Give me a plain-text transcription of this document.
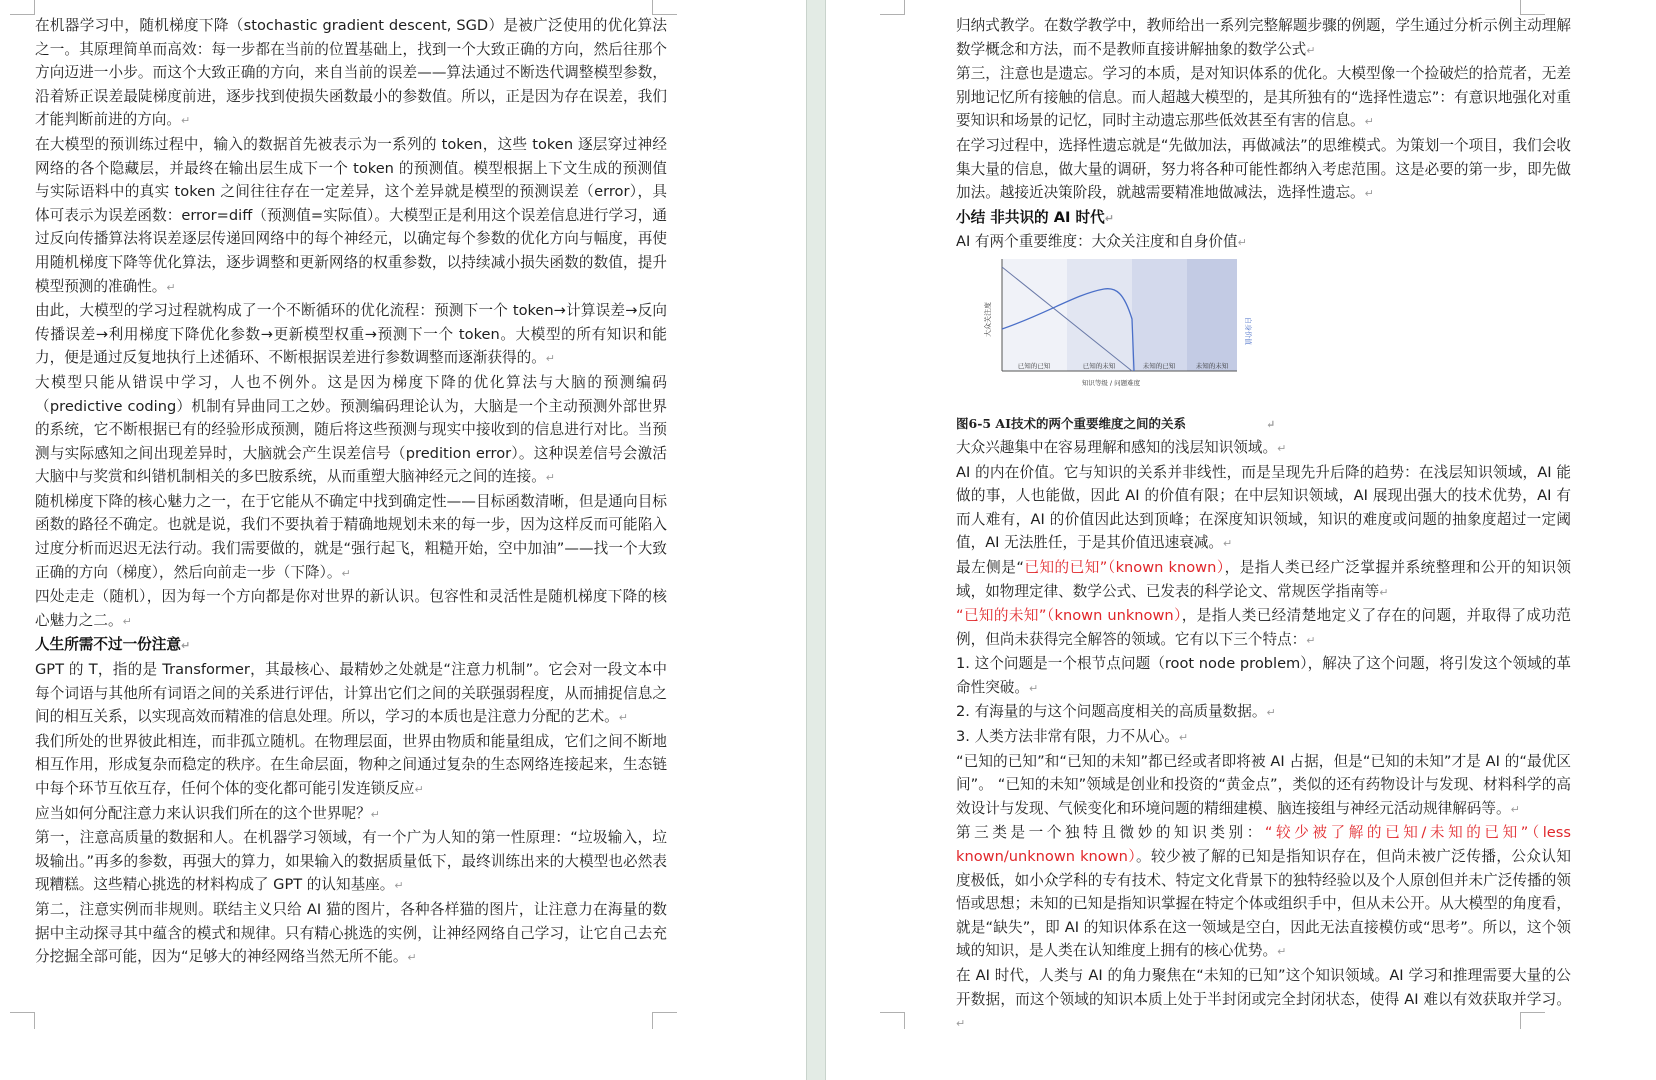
在机器学习中，随机梯度下降（stochastic gradient descent, SGD）是被广泛使用的优化算法之一。其原理简单而高效：每一步都在当前的位置基础上，找到一个大致正确的方向，然后往那个方向迈进一小步。而这个大致正确的方向，来自当前的误差——算法通过不断迭代调整模型参数，沿着矫正误差最陡梯度前进，逐步找到使损失函数最小的参数值。所以，正是因为存在误差，我们才能判断前进的方向。↵

在大模型的预训练过程中，输入的数据首先被表示为一系列的 token，这些 token 逐层穿过神经网络的各个隐藏层，并最终在输出层生成下一个 token 的预测值。模型根据上下文生成的预测值与实际语料中的真实 token 之间往往存在一定差异，这个差异就是模型的预测误差（error），具体可表示为误差函数：error=diff（预测值=实际值）。大模型正是利用这个误差信息进行学习，通过反向传播算法将误差逐层传递回网络中的每个神经元，以确定每个参数的优化方向与幅度，再使用随机梯度下降等优化算法，逐步调整和更新网络的权重参数，以持续减小损失函数的数值，提升模型预测的准确性。↵

由此，大模型的学习过程就构成了一个不断循环的优化流程：预测下一个 token→计算误差→反向传播误差→利用梯度下降优化参数→更新模型权重→预测下一个 token。大模型的所有知识和能力，便是通过反复地执行上述循环、不断根据误差进行参数调整而逐渐获得的。↵

大模型只能从错误中学习，人也不例外。这是因为梯度下降的优化算法与大脑的预测编码（predictive coding）机制有异曲同工之妙。预测编码理论认为，大脑是一个主动预测外部世界的系统，它不断根据已有的经验形成预测，随后将这些预测与现实中接收到的信息进行对比。当预测与实际感知之间出现差异时，大脑就会产生误差信号（predition error）。这种误差信号会激活大脑中与奖赏和纠错机制相关的多巴胺系统，从而重塑大脑神经元之间的连接。↵

随机梯度下降的核心魅力之一，在于它能从不确定中找到确定性——目标函数清晰，但是通向目标函数的路径不确定。也就是说，我们不要执着于精确地规划未来的每一步，因为这样反而可能陷入过度分析而迟迟无法行动。我们需要做的，就是“强行起飞，粗糙开始，空中加油”——找一个大致正确的方向（梯度），然后向前走一步（下降）。↵

四处走走（随机），因为每一个方向都是你对世界的新认识。包容性和灵活性是随机梯度下降的核心魅力之二。↵

人生所需不过一份注意↵

GPT 的 T，指的是 Transformer，其最核心、最精妙之处就是“注意力机制”。它会对一段文本中每个词语与其他所有词语之间的关系进行评估，计算出它们之间的关联强弱程度，从而捕捉信息之间的相互关系，以实现高效而精准的信息处理。所以，学习的本质也是注意力分配的艺术。↵

我们所处的世界彼此相连，而非孤立随机。在物理层面，世界由物质和能量组成，它们之间不断地相互作用，形成复杂而稳定的秩序。在生命层面，物种之间通过复杂的生态网络连接起来，生态链中每个环节互依互存，任何个体的变化都可能引发连锁反应↵

应当如何分配注意力来认识我们所在的这个世界呢？↵

第一，注意高质量的数据和人。在机器学习领域，有一个广为人知的第一性原理：“垃圾输入，垃圾输出。”再多的参数，再强大的算力，如果输入的数据质量低下，最终训练出来的大模型也必然表现糟糕。这些精心挑选的材料构成了 GPT 的认知基座。↵

第二，注意实例而非规则。联结主义只给 AI 猫的图片，各种各样猫的图片，让注意力在海量的数据中主动探寻其中蕴含的模式和规律。只有精心挑选的实例，让神经网络自己学习，让它自己去充分挖掘全部可能，因为“足够大的神经网络当然无所不能。↵

归纳式教学。在数学教学中，教师给出一系列完整解题步骤的例题，学生通过分析示例主动理解数学概念和方法，而不是教师直接讲解抽象的数学公式↵

第三，注意也是遗忘。学习的本质，是对知识体系的优化。大模型像一个捡破烂的拾荒者，无差别地记忆所有接触的信息。而人超越大模型的，是其所独有的“选择性遗忘”：有意识地强化对重要知识和场景的记忆，同时主动遗忘那些低效甚至有害的信息。↵

在学习过程中，选择性遗忘就是“先做加法，再做减法”的思维模式。为策划一个项目，我们会收集大量的信息，做大量的调研，努力将各种可能性都纳入考虑范围。这是必要的第一步，即先做加法。越接近决策阶段，就越需要精准地做减法，选择性遗忘。↵

小结 非共识的 AI 时代↵

AI 有两个重要维度：大众关注度和自身价值↵

大众关注度	自身价值
已知的已知	已知的未知	未知的已知	未知的未知
知识等级 / 问题难度

图6-5 AI技术的两个重要维度之间的关系	↵

大众兴趣集中在容易理解和感知的浅层知识领域。↵

AI 的内在价值。它与知识的关系并非线性，而是呈现先升后降的趋势：在浅层知识领域，AI 能做的事，人也能做，因此 AI 的价值有限；在中层知识领域，AI 展现出强大的技术优势，AI 有而人难有，AI 的价值因此达到顶峰；在深度知识领域，知识的难度或问题的抽象度超过一定阈值，AI 无法胜任，于是其价值迅速衰减。↵

最左侧是“已知的已知”（known known），是指人类已经广泛掌握并系统整理和公开的知识领域，如物理定律、数学公式、已发表的科学论文、常规医学指南等↵

“已知的未知”（known unknown），是指人类已经清楚地定义了存在的问题，并取得了成功范例，但尚未获得完全解答的领域。它有以下三个特点：↵

1. 这个问题是一个根节点问题（root node problem），解决了这个问题，将引发这个领域的革命性突破。↵

2. 有海量的与这个问题高度相关的高质量数据。↵

3. 人类方法非常有限，力不从心。↵

“已知的已知”和“已知的未知”都已经或者即将被 AI 占据，但是“已知的未知”才是 AI 的“最优区间”。 “已知的未知”领域是创业和投资的“黄金点”，类似的还有药物设计与发现、材料科学的高效设计与发现、气候变化和环境问题的精细建模、脑连接组与神经元活动规律解码等。↵

第三类是一个独特且微妙的知识类别：“较少被了解的已知/未知的已知”（less known/unknown known）。较少被了解的已知是指知识存在，但尚未被广泛传播，公众认知度极低，如小众学科的专有技术、特定文化背景下的独特经验以及个人原创但并未广泛传播的领悟或思想；未知的已知是指知识掌握在特定个体或组织手中，但从未公开。从大模型的角度看，就是“缺失”，即 AI 的知识体系在这一领域是空白，因此无法直接模仿或“思考”。所以，这个领域的知识，是人类在认知维度上拥有的核心优势。↵

在 AI 时代，人类与 AI 的角力聚焦在“未知的已知”这个知识领域。AI 学习和推理需要大量的公开数据，而这个领域的知识本质上处于半封闭或完全封闭状态，使得 AI 难以有效获取并学习。↵
